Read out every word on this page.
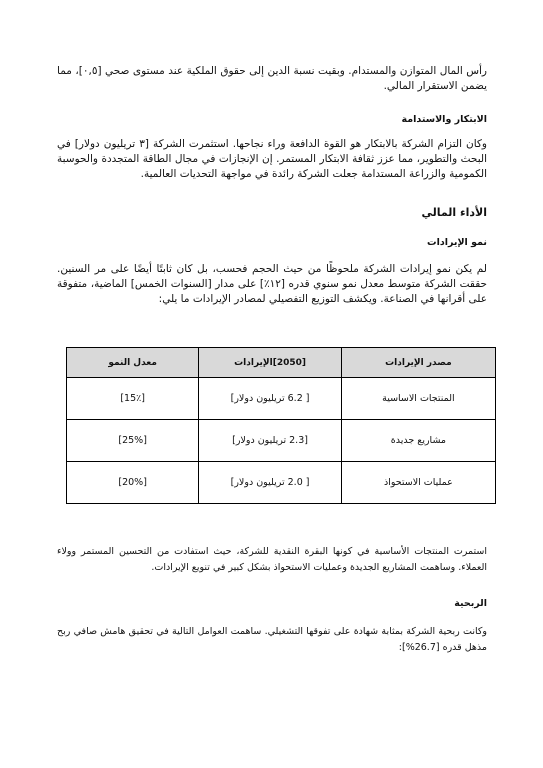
رأس المال المتوازن والمستدام. وبقيت نسبة الدين إلى حقوق الملكية عند مستوى صحي [٠,٥]، مما يضمن الاستقرار المالي.

الابتكار والاستدامة

وكان التزام الشركة بالابتكار هو القوة الدافعة وراء نجاحها. استثمرت الشركة [٣ تريليون دولار] في البحث والتطوير، مما عزز ثقافة الابتكار المستمر. إن الإنجازات في مجال الطاقة المتجددة والحوسبة الكمومية والزراعة المستدامة جعلت الشركة رائدة في مواجهة التحديات العالمية.

الأداء المالي

نمو الإيرادات

لم يكن نمو إيرادات الشركة ملحوظًا من حيث الحجم فحسب، بل كان ثابتًا أيضًا على مر السنين. حققت الشركة متوسط معدل نمو سنوي قدره [١٢٪] على مدار [السنوات الخمس] الماضية، متفوقة على أقرانها في الصناعة. ويكشف التوزيع التفصيلي لمصادر الإيرادات ما يلي:

مصدر الإيرادات	[2050]الإيرادات	معدل النمو
المنتجات الاساسية	[ 6.2 تريليون دولار]	[15٪]
مشاريع جديدة	[2.3 تريليون دولار]	[25%]
عمليات الاستحواذ	[ 2.0 تريليون دولار]	[20%]

استمرت المنتجات الأساسية في كونها البقرة النقدية للشركة، حيث استفادت من التحسين المستمر وولاء العملاء. وساهمت المشاريع الجديدة وعمليات الاستحواذ بشكل كبير في تنويع الإيرادات.

الربحية

وكانت ربحية الشركة بمثابة شهادة على تفوقها التشغيلي. ساهمت العوامل التالية في تحقيق هامش صافي ربح مذهل قدره [26.7%]:
